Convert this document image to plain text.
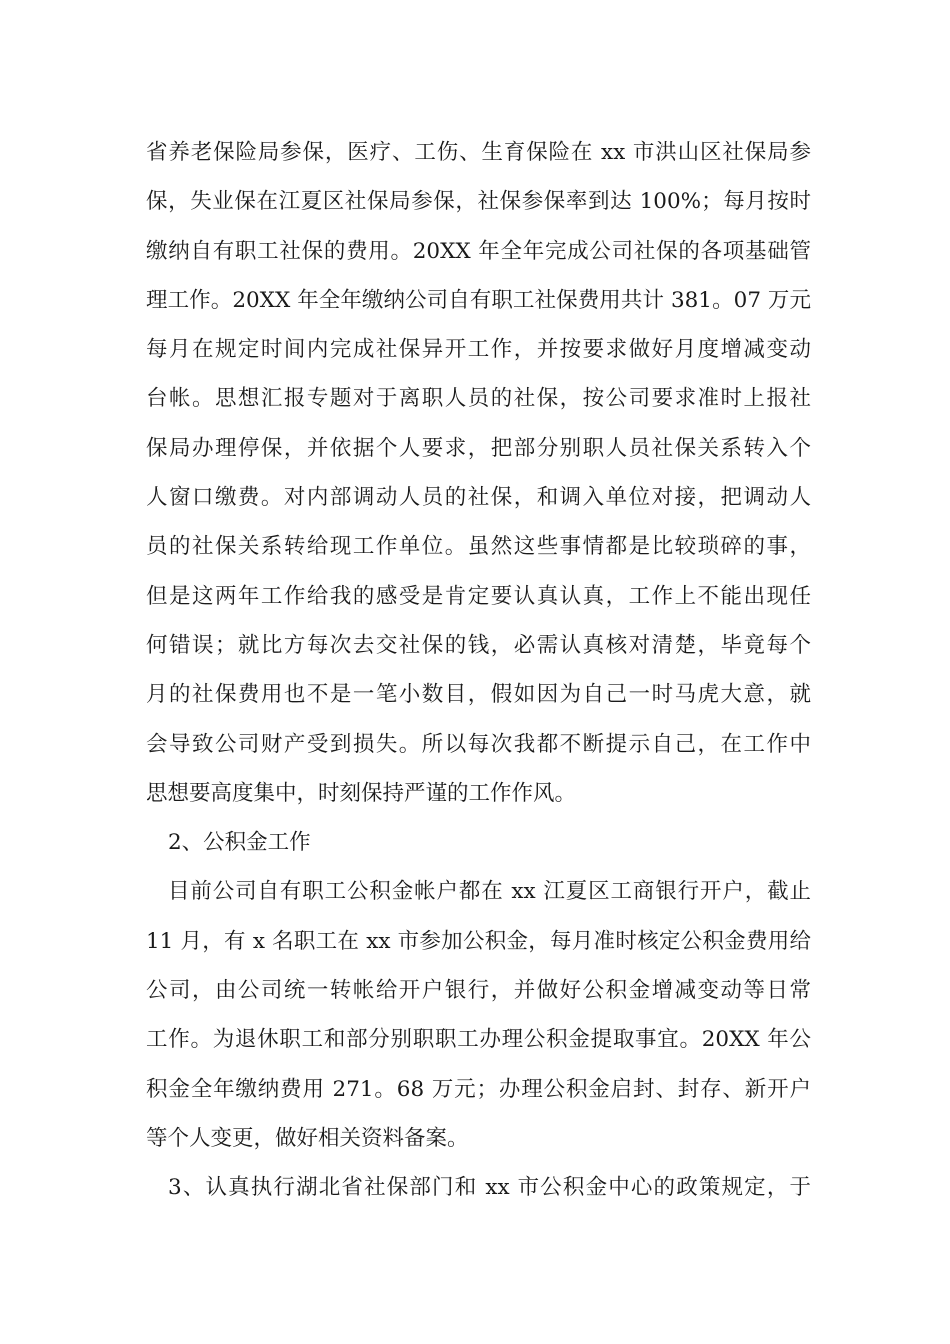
省养老保险局参保，医疗、工伤、生育保险在 xx 市洪山区社保局参
保，失业保在江夏区社保局参保，社保参保率到达 100%；每月按时
缴纳自有职工社保的费用。20XX 年全年完成公司社保的各项基础管
理工作。20XX 年全年缴纳公司自有职工社保费用共计 381。07 万元
每月在规定时间内完成社保异开工作，并按要求做好月度增减变动
台帐。思想汇报专题对于离职人员的社保，按公司要求准时上报社
保局办理停保，并依据个人要求，把部分别职人员社保关系转入个
人窗口缴费。对内部调动人员的社保，和调入单位对接，把调动人
员的社保关系转给现工作单位。虽然这些事情都是比较琐碎的事，
但是这两年工作给我的感受是肯定要认真认真，工作上不能出现任
何错误；就比方每次去交社保的钱，必需认真核对清楚，毕竟每个
月的社保费用也不是一笔小数目，假如因为自己一时马虎大意，就
会导致公司财产受到损失。所以每次我都不断提示自己，在工作中
思想要高度集中，时刻保持严谨的工作作风。
2、公积金工作
目前公司自有职工公积金帐户都在 xx 江夏区工商银行开户，截止
11 月，有 x 名职工在 xx 市参加公积金，每月准时核定公积金费用给
公司，由公司统一转帐给开户银行，并做好公积金增减变动等日常
工作。为退休职工和部分别职职工办理公积金提取事宜。20XX 年公
积金全年缴纳费用 271。68 万元；办理公积金启封、封存、新开户
等个人变更，做好相关资料备案。
3、认真执行湖北省社保部门和 xx 市公积金中心的政策规定，于
